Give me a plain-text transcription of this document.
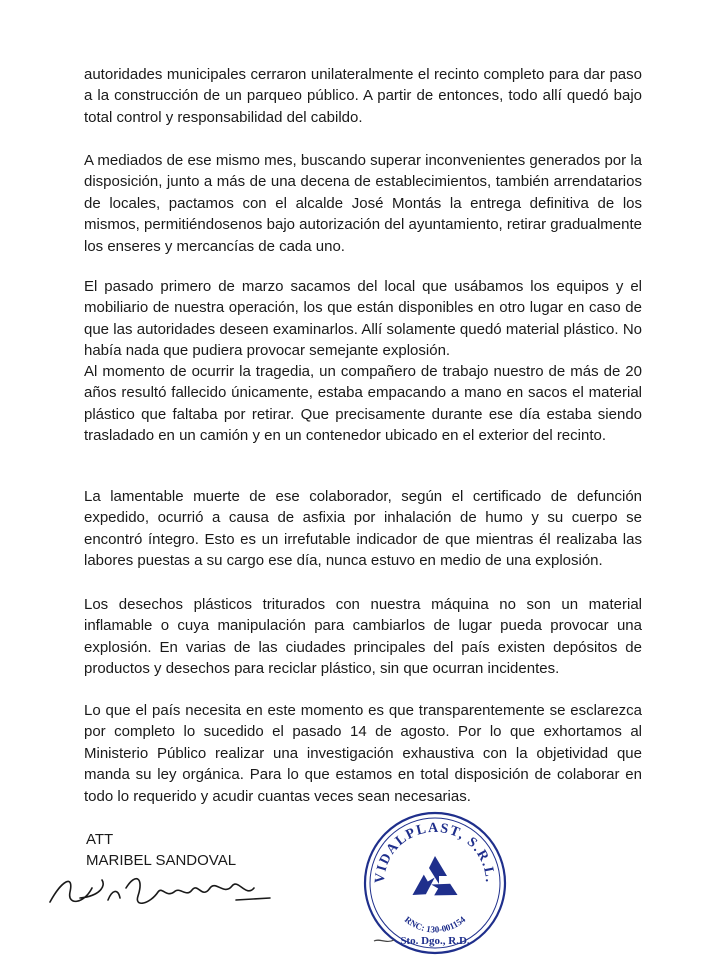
autoridades municipales cerraron unilateralmente el recinto completo para dar paso a la construcción de un parqueo público. A partir de entonces, todo allí quedó bajo total control y responsabilidad del cabildo.

A mediados de ese mismo mes, buscando superar inconvenientes generados por la disposición, junto a más de una decena de establecimientos, también arrendatarios de locales, pactamos con el alcalde José Montás la entrega definitiva de los mismos, permitiéndosenos bajo autorización del ayuntamiento, retirar gradualmente los enseres y mercancías de cada uno.

El pasado primero de marzo sacamos del local que usábamos los equipos y el mobiliario de nuestra operación, los que están disponibles en otro lugar en caso de que las autoridades deseen examinarlos. Allí solamente quedó material plástico. No había nada que pudiera provocar semejante explosión.

Al momento de ocurrir la tragedia, un compañero de trabajo nuestro de más de 20 años resultó fallecido únicamente, estaba empacando a mano en sacos el material plástico que faltaba por retirar. Que precisamente durante ese día estaba siendo trasladado en un camión y en un contenedor ubicado en el exterior del recinto.

La lamentable muerte de ese colaborador, según el certificado de defunción expedido, ocurrió a causa de asfixia por inhalación de humo y su cuerpo se encontró íntegro. Esto es un irrefutable indicador de que mientras él realizaba las labores puestas a su cargo ese día, nunca estuvo en medio de una explosión.

Los desechos plásticos triturados con nuestra máquina no son un material inflamable o cuya manipulación para cambiarlos de lugar pueda provocar una explosión. En varias de las ciudades principales del país existen depósitos de productos y desechos para reciclar plástico, sin que ocurran incidentes.

Lo que el país necesita en este momento es que transparentemente se esclarezca por completo lo sucedido el pasado 14 de agosto. Por lo que exhortamos al Ministerio Público realizar una investigación exhaustiva con la objetividad que manda su ley orgánica. Para lo que estamos en total disposición de colaborar en todo lo requerido y acudir cuantas veces sean necesarias.

ATT
MARIBEL SANDOVAL
VIDALPLAST, S.R.L.
RNC: 130-001154
Sto. Dgo., R.D.
